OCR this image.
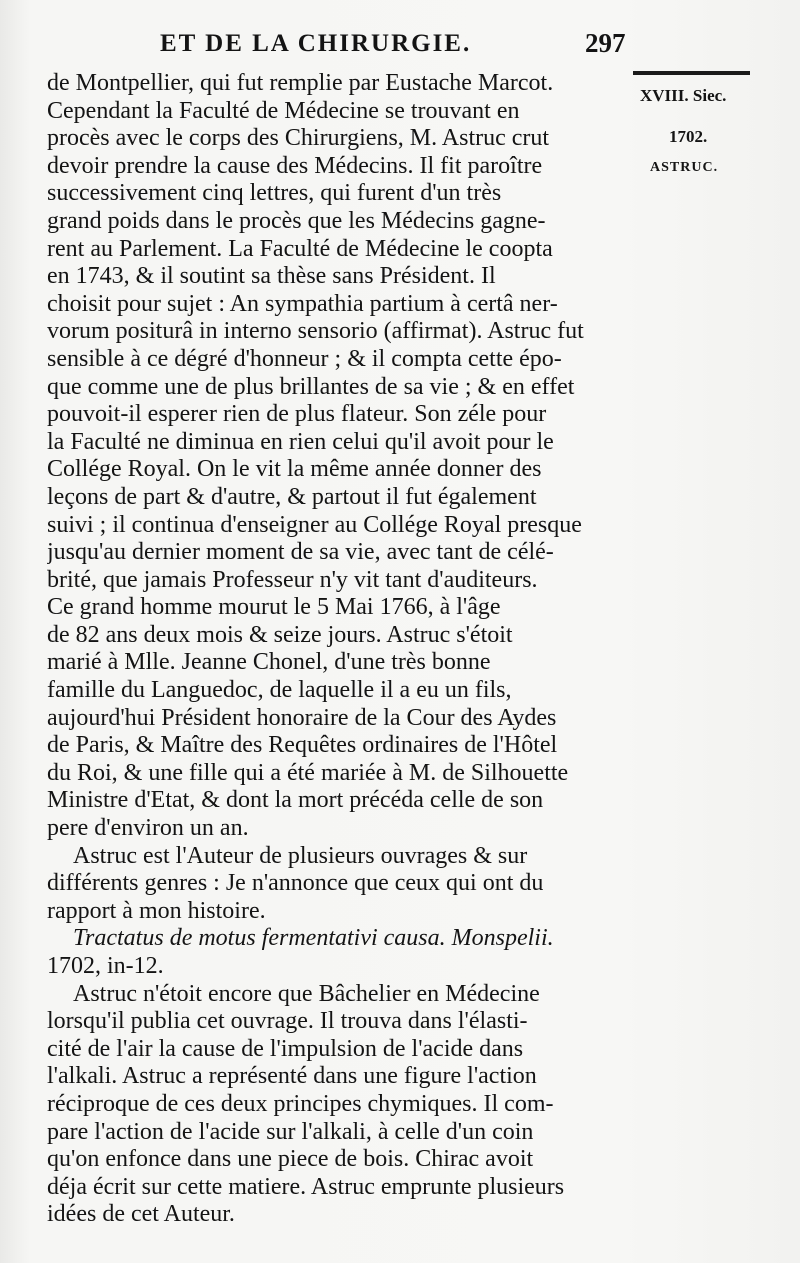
ET DE LA CHIRURGIE.	297
XVIII. Siec.
1702.
ASTRUC.
de Montpellier, qui fut remplie par Eustache Marcot.
Cependant la Faculté de Médecine se trouvant en
procès avec le corps des Chirurgiens, M. Astruc crut
devoir prendre la cause des Médecins. Il fit paroître
successivement cinq lettres, qui furent d'un très
grand poids dans le procès que les Médecins gagne-
rent au Parlement. La Faculté de Médecine le coopta
en 1743, & il soutint sa thèse sans Président. Il
choisit pour sujet : An sympathia partium à certâ ner-
vorum positurâ in interno sensorio (affirmat). Astruc fut
sensible à ce dégré d'honneur ; & il compta cette épo-
que comme une de plus brillantes de sa vie ; & en effet
pouvoit-il esperer rien de plus flateur. Son zéle pour
la Faculté ne diminua en rien celui qu'il avoit pour le
Collége Royal. On le vit la même année donner des
leçons de part & d'autre, & partout il fut également
suivi ; il continua d'enseigner au Collége Royal presque
jusqu'au dernier moment de sa vie, avec tant de célé-
brité, que jamais Professeur n'y vit tant d'auditeurs.
Ce grand homme mourut le 5 Mai 1766, à l'âge
de 82 ans deux mois & seize jours. Astruc s'étoit
marié à Mlle. Jeanne Chonel, d'une très bonne
famille du Languedoc, de laquelle il a eu un fils,
aujourd'hui Président honoraire de la Cour des Aydes
de Paris, & Maître des Requêtes ordinaires de l'Hôtel
du Roi, & une fille qui a été mariée à M. de Silhouette
Ministre d'Etat, & dont la mort précéda celle de son
pere d'environ un an.
Astruc est l'Auteur de plusieurs ouvrages & sur
différents genres : Je n'annonce que ceux qui ont du
rapport à mon histoire.
Tractatus de motus fermentativi causa. Monspelii.
1702, in-12.
Astruc n'étoit encore que Bâchelier en Médecine
lorsqu'il publia cet ouvrage. Il trouva dans l'élasti-
cité de l'air la cause de l'impulsion de l'acide dans
l'alkali. Astruc a représenté dans une figure l'action
réciproque de ces deux principes chymiques. Il com-
pare l'action de l'acide sur l'alkali, à celle d'un coin
qu'on enfonce dans une piece de bois. Chirac avoit
déja écrit sur cette matiere. Astruc emprunte plusieurs
idées de cet Auteur.
